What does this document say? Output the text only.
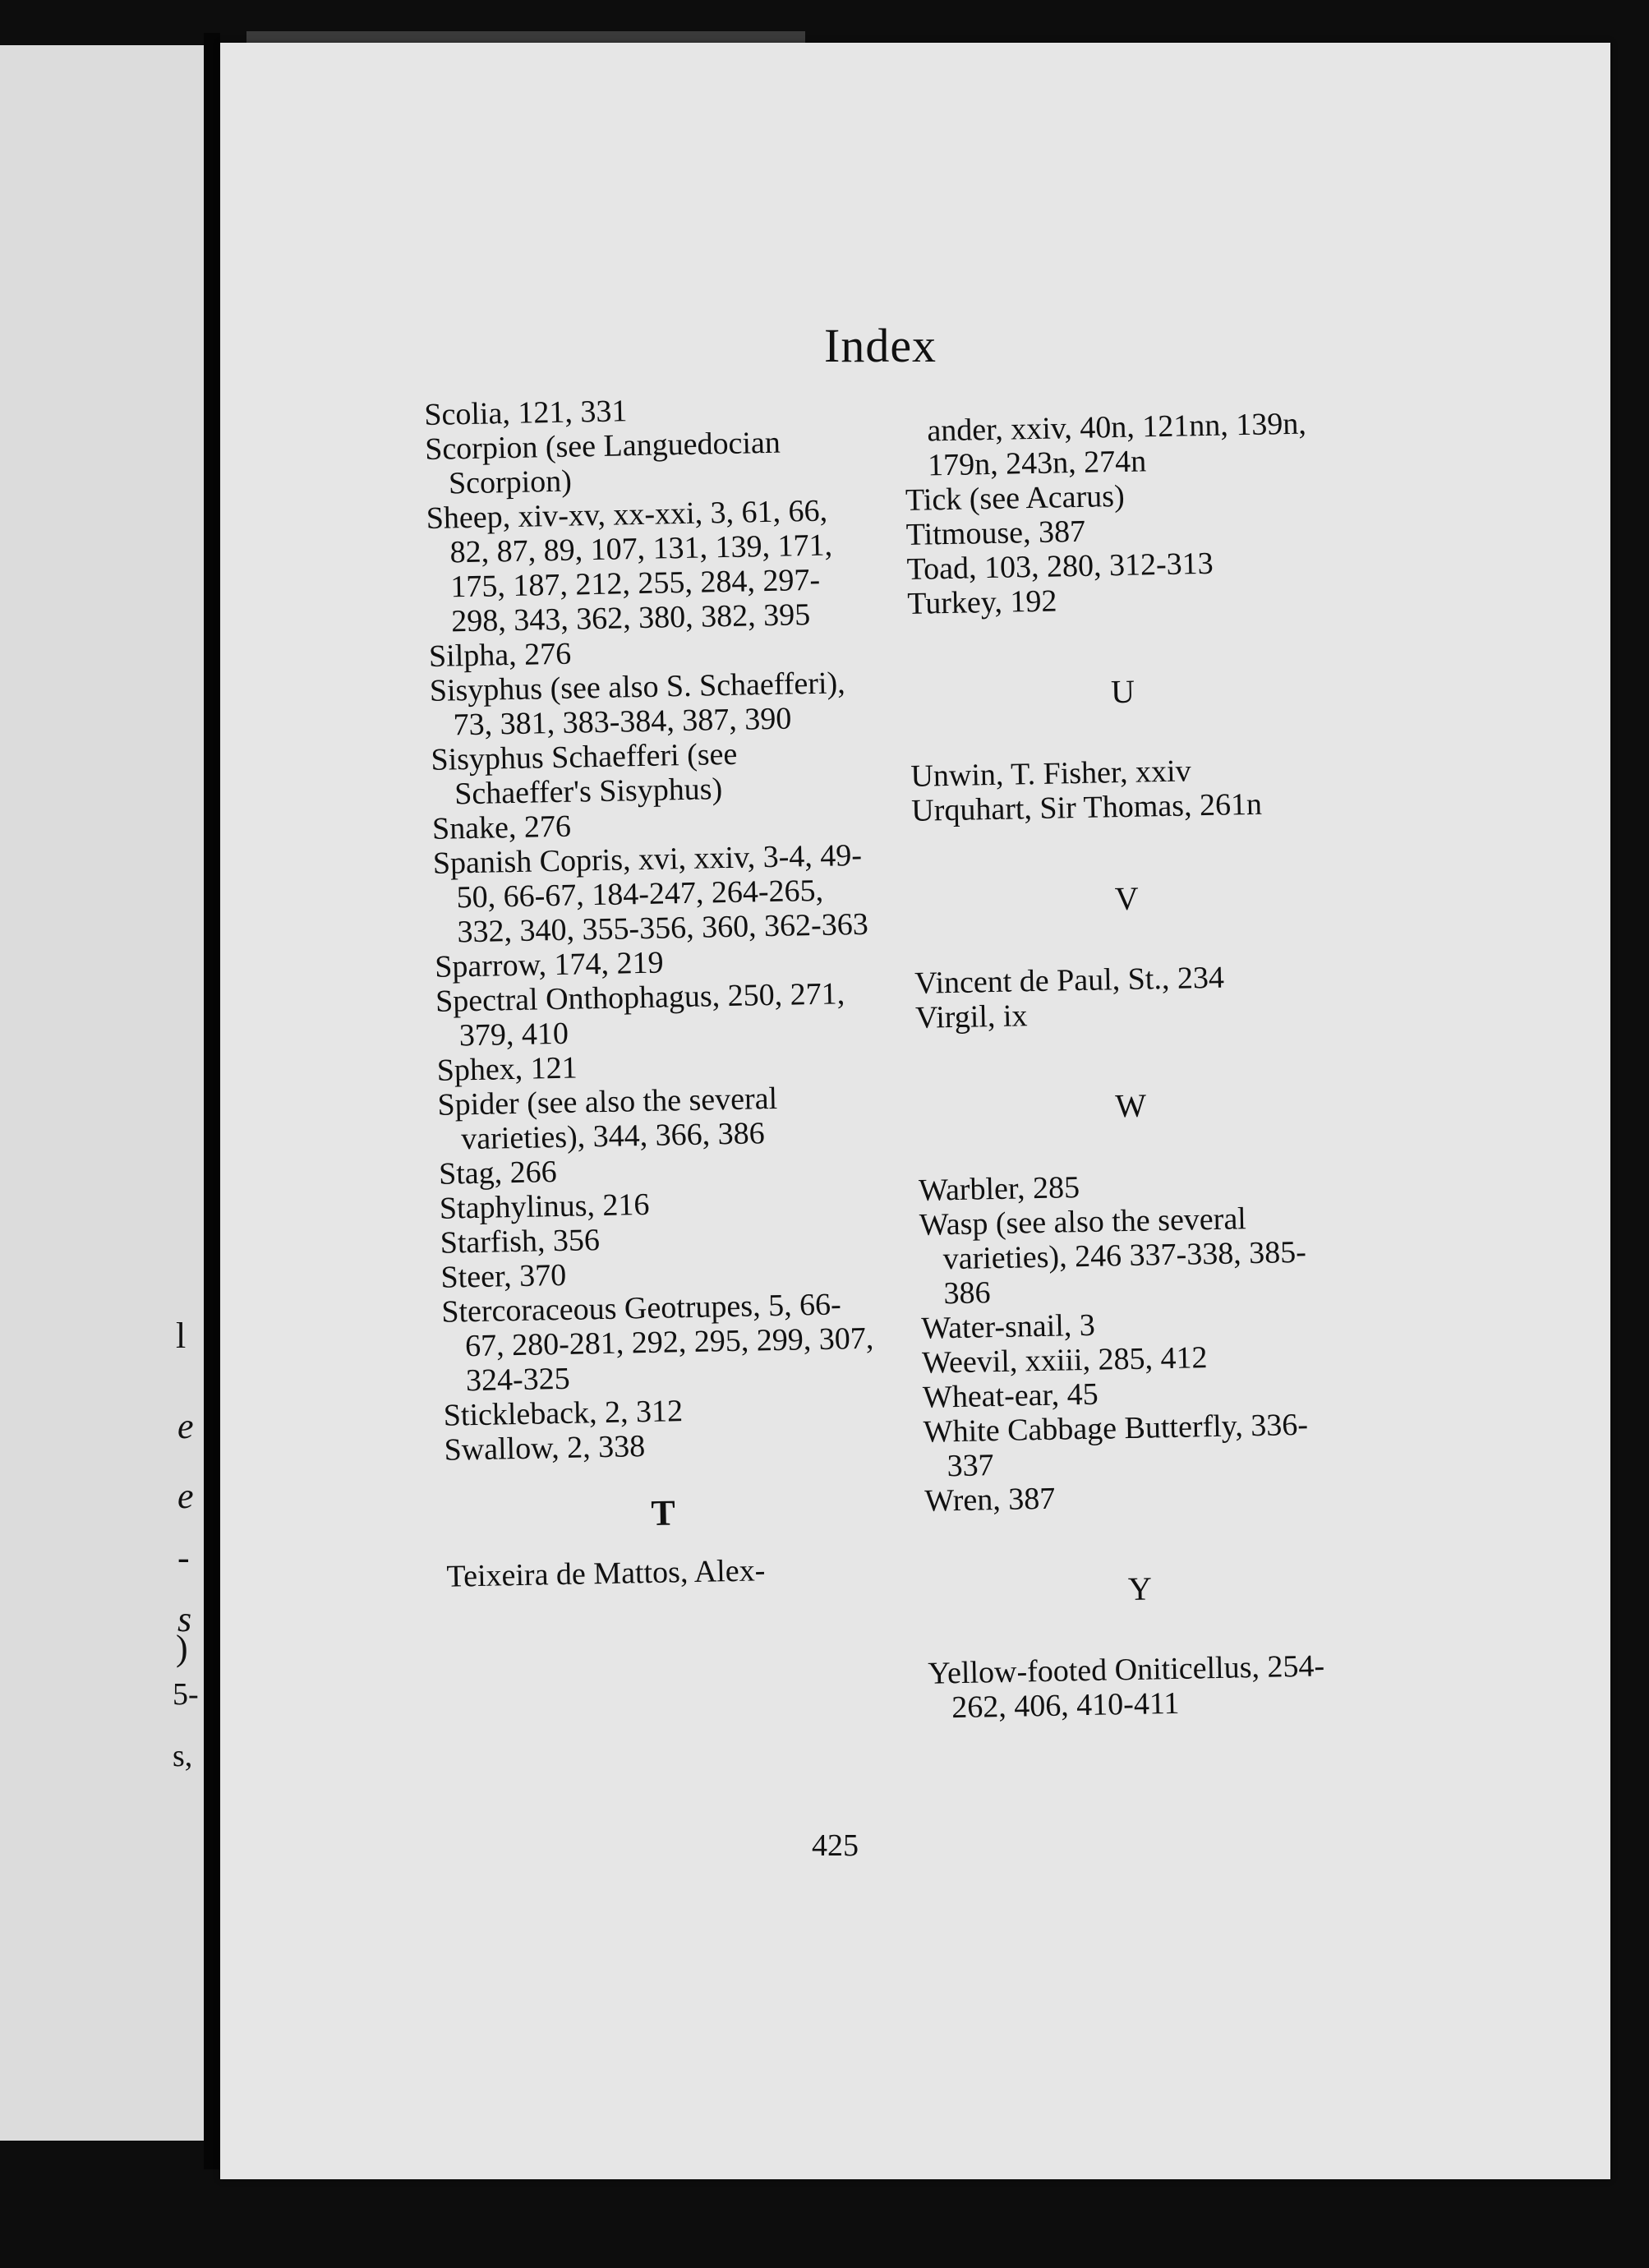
l
e
e
-
s
)
5-
s,
Index

Scolia, 121, 331

Scorpion (see Languedocian Scorpion)

Sheep, xiv-xv, xx-xxi, 3, 61, 66, 82, 87, 89, 107, 131, 139, 171, 175, 187, 212, 255, 284, 297-298, 343, 362, 380, 382, 395

Silpha, 276

Sisyphus (see also S. Schaefferi), 73, 381, 383-384, 387, 390

Sisyphus Schaefferi (see Schaeffer's Sisyphus)

Snake, 276

Spanish Copris, xvi, xxiv, 3-4, 49-50, 66-67, 184-247, 264-265, 332, 340, 355-356, 360, 362-363

Sparrow, 174, 219

Spectral Onthophagus, 250, 271, 379, 410

Sphex, 121

Spider (see also the several varieties), 344, 366, 386

Stag, 266

Staphylinus, 216

Starfish, 356

Steer, 370

Stercoraceous Geotrupes, 5, 66-67, 280-281, 292, 295, 299, 307, 324-325

Stickleback, 2, 312

Swallow, 2, 338

T

Teixeira de Mattos, Alex-

ander, xxiv, 40n, 121nn, 139n, 179n, 243n, 274n

Tick (see Acarus)

Titmouse, 387

Toad, 103, 280, 312-313

Turkey, 192

U

Unwin, T. Fisher, xxiv

Urquhart, Sir Thomas, 261n

V

Vincent de Paul, St., 234

Virgil, ix

W

Warbler, 285

Wasp (see also the several varieties), 246 337-338, 385-386

Water-snail, 3

Weevil, xxiii, 285, 412

Wheat-ear, 45

White Cabbage Butterfly, 336-337

Wren, 387

Y

Yellow-footed Oniticellus, 254-262, 406, 410-411

425
